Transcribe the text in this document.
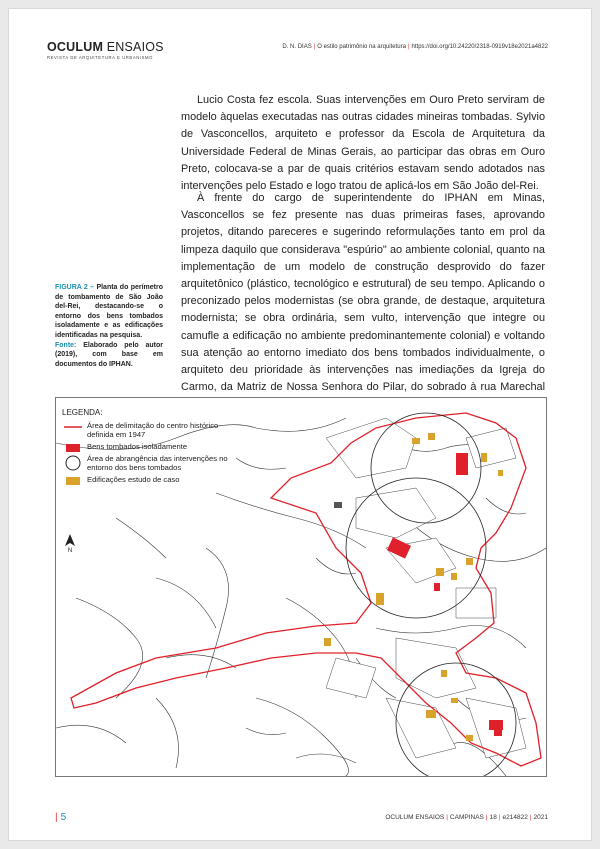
OCULUM ENSAIOS
REVISTA DE ARQUITETURA E URBANISMO
D. N. DIAS | O estilo patrimônio na arquitetura | https://doi.org/10.24220/2318-0919v18e2021a4822
Lucio Costa fez escola. Suas intervenções em Ouro Preto serviram de modelo àquelas executadas nas outras cidades mineiras tombadas. Sylvio de Vasconcellos, arquiteto e professor da Escola de Arquitetura da Universidade Federal de Minas Gerais, ao participar das obras em Ouro Preto, colocava-se a par de quais critérios estavam sendo adotados nas intervenções pelo Estado e logo tratou de aplicá-los em São João del-Rei.
À frente do cargo de superintendente do IPHAN em Minas, Vasconcellos se fez presente nas duas primeiras fases, aprovando projetos, ditando pareceres e sugerindo reformulações tanto em prol da limpeza daquilo que considerava "espúrio" ao ambiente colonial, quanto na implementação de um modelo de construção desprovido do fazer arquitetônico (plástico, tecnológico e estrutural) de seu tempo. Aplicando o preconizado pelos modernistas (se obra grande, de destaque, arquitetura modernista; se obra ordinária, sem vulto, intervenção que integre ou camufle a edificação no ambiente predominantemente colonial) e voltando sua atenção ao entorno imediato dos bens tombados individualmente, o arquiteto deu prioridade às intervenções nas imediações da Igreja do Carmo, da Matriz de Nossa Senhora do Pilar, do sobrado à rua Marechal
FIGURA 2 – Planta do perímetro de tombamento de São João del-Rei, destacando-se o entorno dos bens tombados isoladamente e as edificações identificadas na pesquisa.
Fonte: Elaborado pelo autor (2019), com base em documentos do IPHAN.
LEGENDA:
Área de delimitação do centro histórico definida em 1947
Bens tombados isoladamente
Área de abrangência das intervenções no entorno dos bens tombados
Edificações estudo de caso
N
| 5	OCULUM ENSAIOS | CAMPINAS | 18 | e214822 | 2021
